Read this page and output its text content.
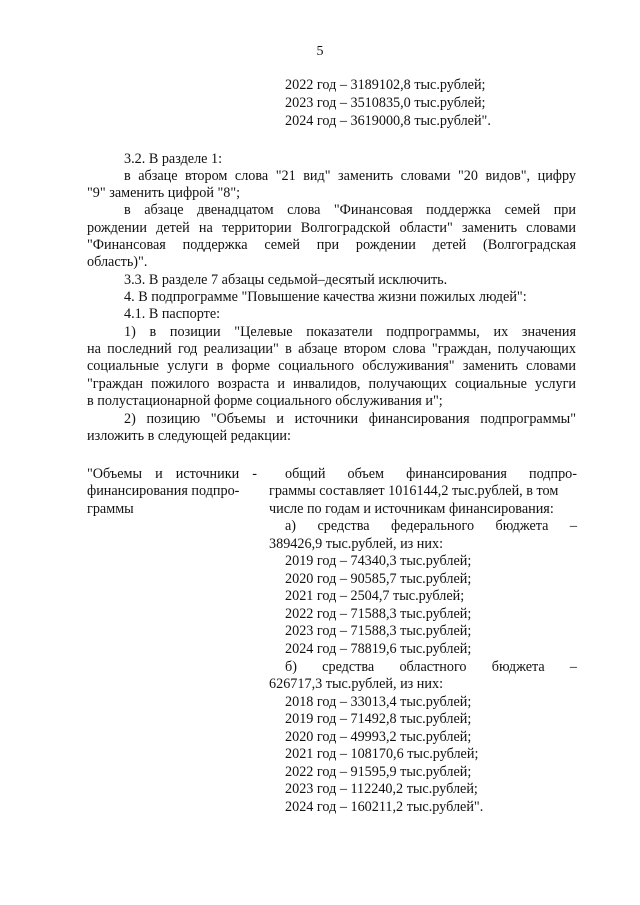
5
2022 год – 3189102,8 тыс.рублей;
2023 год – 3510835,0 тыс.рублей;
2024 год – 3619000,8 тыс.рублей".
3.2. В разделе 1:
в абзаце втором слова "21 вид" заменить словами "20 видов", цифру
"9" заменить цифрой "8";
в абзаце двенадцатом слова "Финансовая поддержка семей при
рождении детей на территории Волгоградской области" заменить словами
"Финансовая поддержка семей при рождении детей (Волгоградская
область)".
3.3. В разделе 7 абзацы седьмой–десятый исключить.
4. В подпрограмме "Повышение качества жизни пожилых людей":
4.1. В паспорте:
1) в позиции "Целевые показатели подпрограммы, их значения
на последний год реализации" в абзаце втором слова "граждан, получающих
социальные услуги в форме социального обслуживания" заменить словами
"граждан пожилого возраста и инвалидов, получающих социальные услуги
в полустационарной форме социального обслуживания и";
2) позицию "Объемы и источники финансирования подпрограммы"
изложить в следующей редакции:
"Объемы и источники -
финансирования подпро-
граммы
общий объем финансирования подпро-
граммы составляет 1016144,2 тыс.рублей, в том
числе по годам и источникам финансирования:
а) средства федерального бюджета –
389426,9 тыс.рублей, из них:
2019 год – 74340,3 тыс.рублей;
2020 год – 90585,7 тыс.рублей;
2021 год – 2504,7 тыс.рублей;
2022 год – 71588,3 тыс.рублей;
2023 год – 71588,3 тыс.рублей;
2024 год – 78819,6 тыс.рублей;
б) средства областного бюджета –
626717,3 тыс.рублей, из них:
2018 год – 33013,4 тыс.рублей;
2019 год – 71492,8 тыс.рублей;
2020 год – 49993,2 тыс.рублей;
2021 год – 108170,6 тыс.рублей;
2022 год – 91595,9 тыс.рублей;
2023 год – 112240,2 тыс.рублей;
2024 год – 160211,2 тыс.рублей".
